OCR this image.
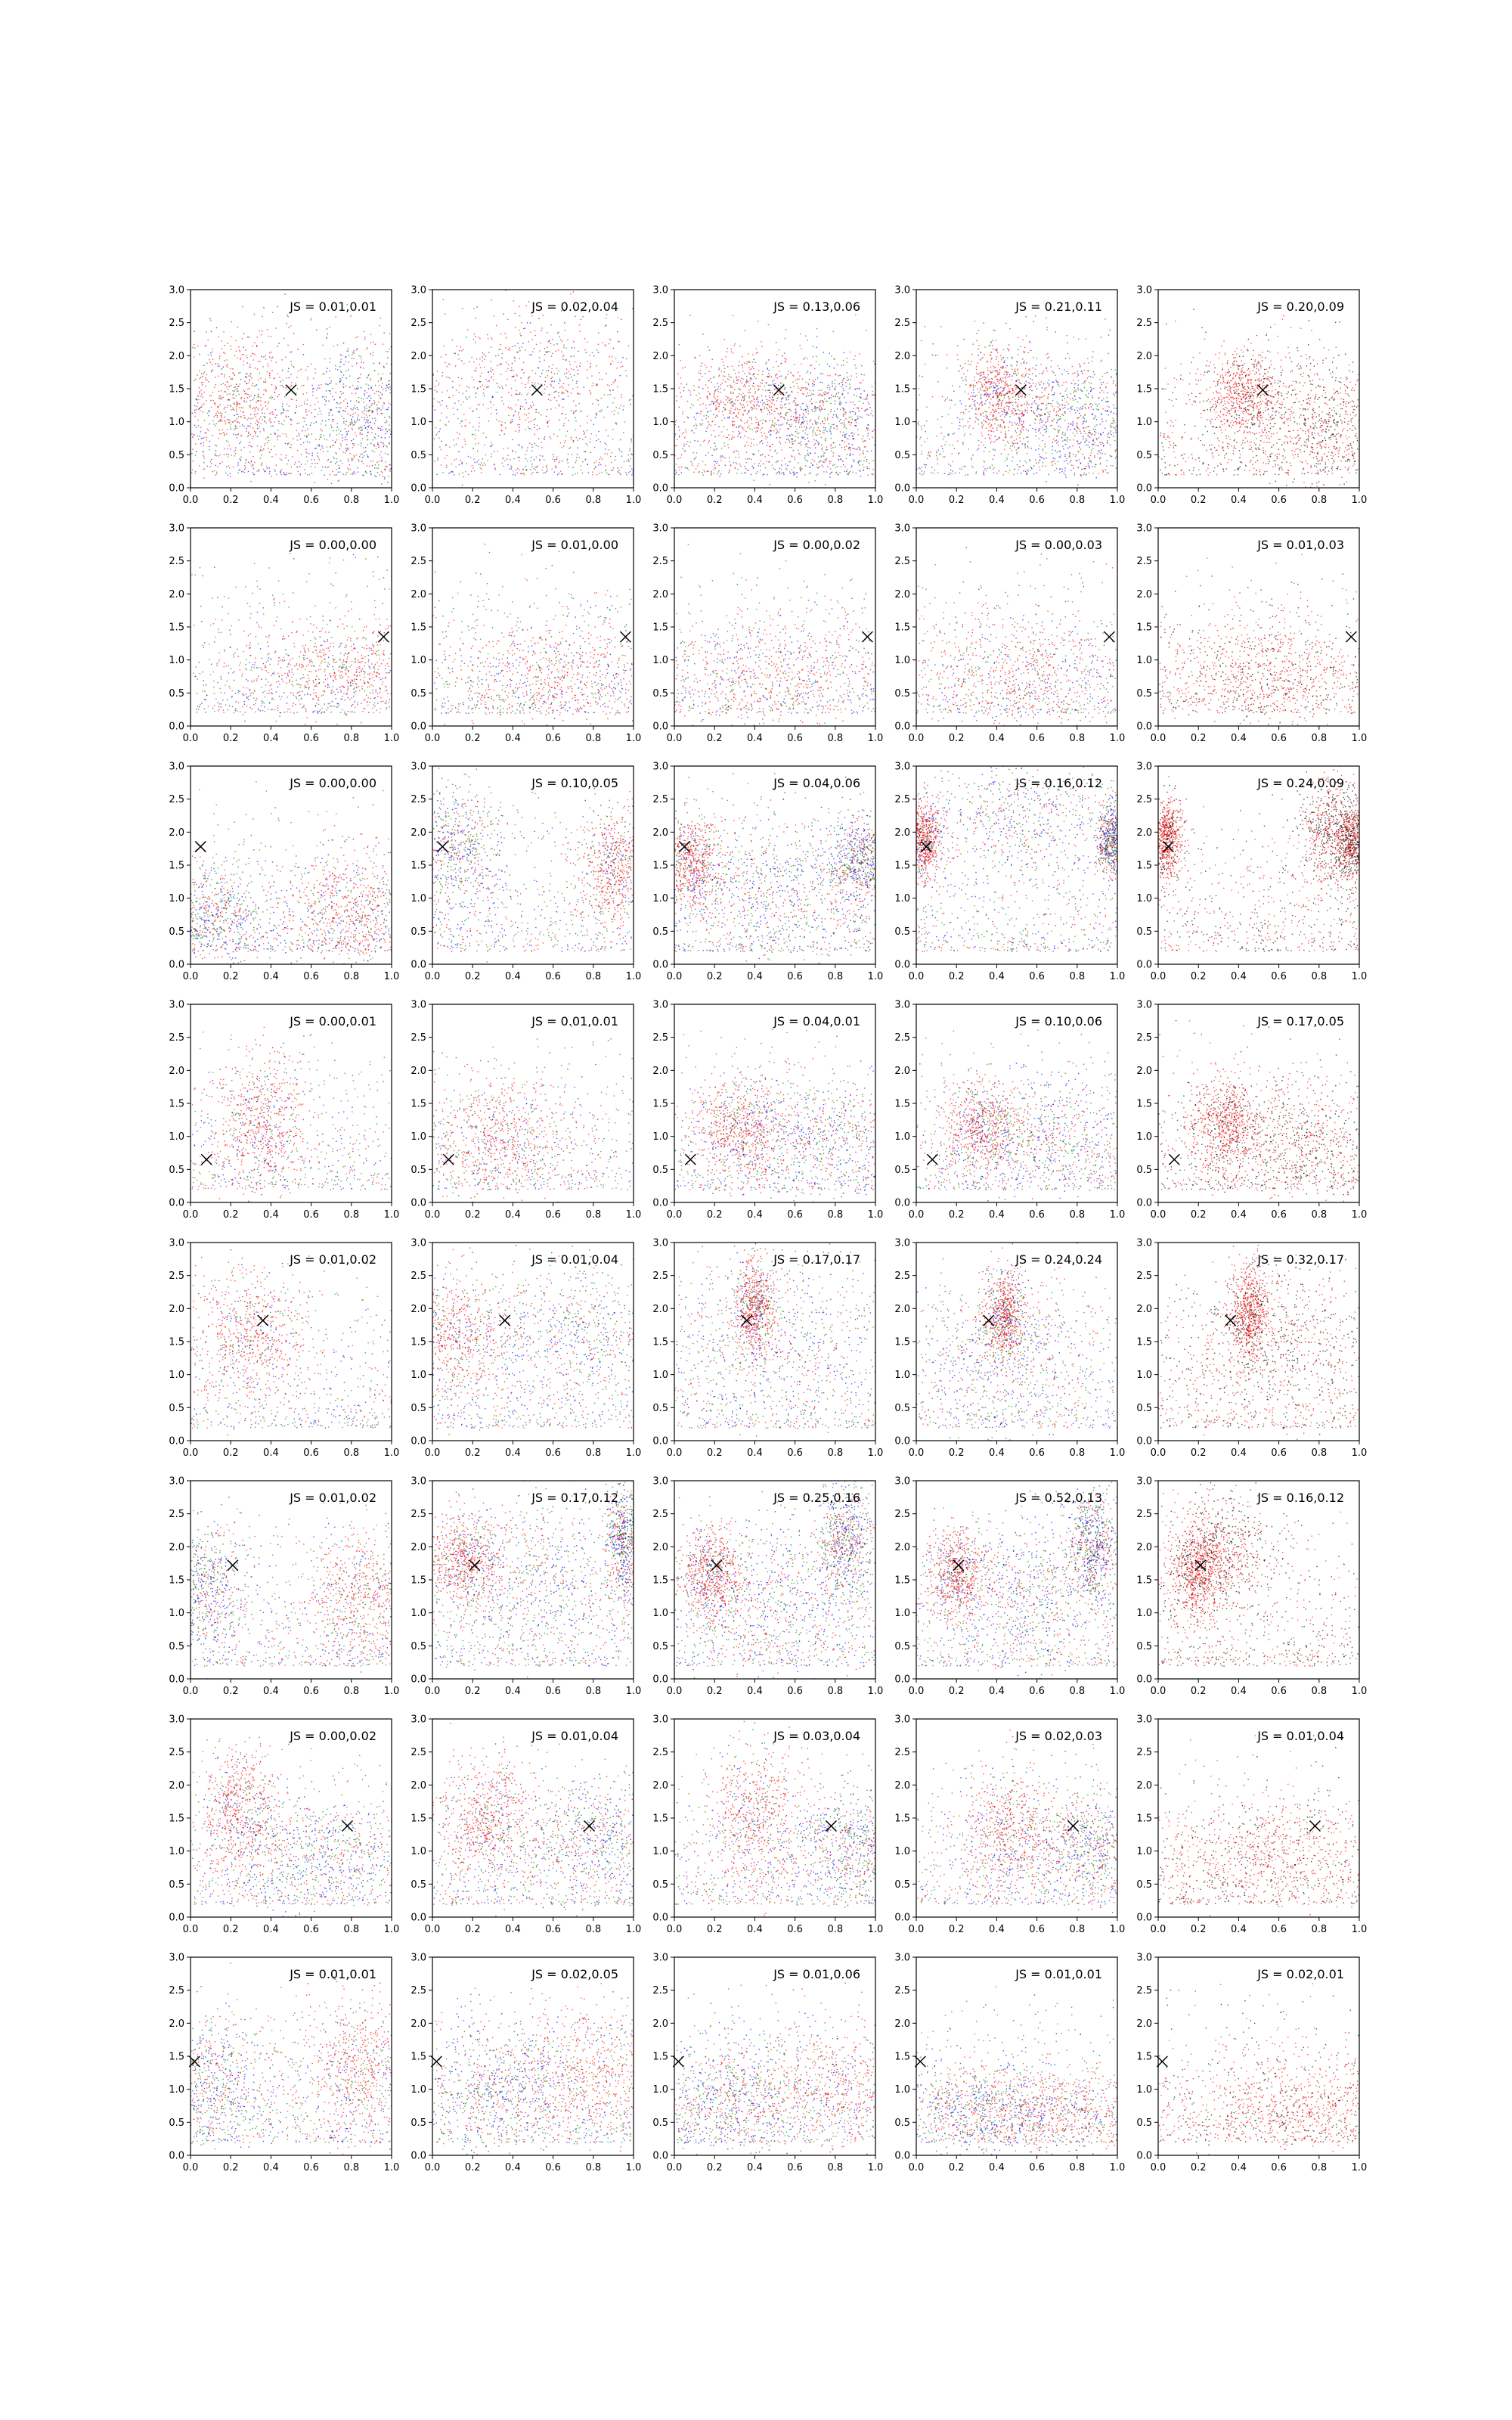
0.0	0.2	0.4	0.6	0.8	1.0
0.0
0.5
1.0
1.5
2.0
2.5
3.0
JS = 0.01,0.01
0.0	0.2	0.4	0.6	0.8	1.0
0.0
0.5
1.0
1.5
2.0
2.5
3.0
JS = 0.02,0.04
0.0	0.2	0.4	0.6	0.8	1.0
0.0
0.5
1.0
1.5
2.0
2.5
3.0
JS = 0.13,0.06
0.0	0.2	0.4	0.6	0.8	1.0
0.0
0.5
1.0
1.5
2.0
2.5
3.0
JS = 0.21,0.11
0.0	0.2	0.4	0.6	0.8	1.0
0.0
0.5
1.0
1.5
2.0
2.5
3.0
JS = 0.20,0.09
0.0	0.2	0.4	0.6	0.8	1.0
0.0
0.5
1.0
1.5
2.0
2.5
3.0
JS = 0.00,0.00
0.0	0.2	0.4	0.6	0.8	1.0
0.0
0.5
1.0
1.5
2.0
2.5
3.0
JS = 0.01,0.00
0.0	0.2	0.4	0.6	0.8	1.0
0.0
0.5
1.0
1.5
2.0
2.5
3.0
JS = 0.00,0.02
0.0	0.2	0.4	0.6	0.8	1.0
0.0
0.5
1.0
1.5
2.0
2.5
3.0
JS = 0.00,0.03
0.0	0.2	0.4	0.6	0.8	1.0
0.0
0.5
1.0
1.5
2.0
2.5
3.0
JS = 0.01,0.03
0.0	0.2	0.4	0.6	0.8	1.0
0.0
0.5
1.0
1.5
2.0
2.5
3.0
JS = 0.00,0.00
0.0	0.2	0.4	0.6	0.8	1.0
0.0
0.5
1.0
1.5
2.0
2.5
3.0
JS = 0.10,0.05
0.0	0.2	0.4	0.6	0.8	1.0
0.0
0.5
1.0
1.5
2.0
2.5
3.0
JS = 0.04,0.06
0.0	0.2	0.4	0.6	0.8	1.0
0.0
0.5
1.0
1.5
2.0
2.5
3.0
JS = 0.16,0.12
0.0	0.2	0.4	0.6	0.8	1.0
0.0
0.5
1.0
1.5
2.0
2.5
3.0
JS = 0.24,0.09
0.0	0.2	0.4	0.6	0.8	1.0
0.0
0.5
1.0
1.5
2.0
2.5
3.0
JS = 0.00,0.01
0.0	0.2	0.4	0.6	0.8	1.0
0.0
0.5
1.0
1.5
2.0
2.5
3.0
JS = 0.01,0.01
0.0	0.2	0.4	0.6	0.8	1.0
0.0
0.5
1.0
1.5
2.0
2.5
3.0
JS = 0.04,0.01
0.0	0.2	0.4	0.6	0.8	1.0
0.0
0.5
1.0
1.5
2.0
2.5
3.0
JS = 0.10,0.06
0.0	0.2	0.4	0.6	0.8	1.0
0.0
0.5
1.0
1.5
2.0
2.5
3.0
JS = 0.17,0.05
0.0	0.2	0.4	0.6	0.8	1.0
0.0
0.5
1.0
1.5
2.0
2.5
3.0
JS = 0.01,0.02
0.0	0.2	0.4	0.6	0.8	1.0
0.0
0.5
1.0
1.5
2.0
2.5
3.0
JS = 0.01,0.04
0.0	0.2	0.4	0.6	0.8	1.0
0.0
0.5
1.0
1.5
2.0
2.5
3.0
JS = 0.17,0.17
0.0	0.2	0.4	0.6	0.8	1.0
0.0
0.5
1.0
1.5
2.0
2.5
3.0
JS = 0.24,0.24
0.0	0.2	0.4	0.6	0.8	1.0
0.0
0.5
1.0
1.5
2.0
2.5
3.0
JS = 0.32,0.17
0.0	0.2	0.4	0.6	0.8	1.0
0.0
0.5
1.0
1.5
2.0
2.5
3.0
JS = 0.01,0.02
0.0	0.2	0.4	0.6	0.8	1.0
0.0
0.5
1.0
1.5
2.0
2.5
3.0
JS = 0.17,0.12
0.0	0.2	0.4	0.6	0.8	1.0
0.0
0.5
1.0
1.5
2.0
2.5
3.0
JS = 0.25,0.16
0.0	0.2	0.4	0.6	0.8	1.0
0.0
0.5
1.0
1.5
2.0
2.5
3.0
JS = 0.52,0.13
0.0	0.2	0.4	0.6	0.8	1.0
0.0
0.5
1.0
1.5
2.0
2.5
3.0
JS = 0.16,0.12
0.0	0.2	0.4	0.6	0.8	1.0
0.0
0.5
1.0
1.5
2.0
2.5
3.0
JS = 0.00,0.02
0.0	0.2	0.4	0.6	0.8	1.0
0.0
0.5
1.0
1.5
2.0
2.5
3.0
JS = 0.01,0.04
0.0	0.2	0.4	0.6	0.8	1.0
0.0
0.5
1.0
1.5
2.0
2.5
3.0
JS = 0.03,0.04
0.0	0.2	0.4	0.6	0.8	1.0
0.0
0.5
1.0
1.5
2.0
2.5
3.0
JS = 0.02,0.03
0.0	0.2	0.4	0.6	0.8	1.0
0.0
0.5
1.0
1.5
2.0
2.5
3.0
JS = 0.01,0.04
0.0	0.2	0.4	0.6	0.8	1.0
0.0
0.5
1.0
1.5
2.0
2.5
3.0
JS = 0.01,0.01
0.0	0.2	0.4	0.6	0.8	1.0
0.0
0.5
1.0
1.5
2.0
2.5
3.0
JS = 0.02,0.05
0.0	0.2	0.4	0.6	0.8	1.0
0.0
0.5
1.0
1.5
2.0
2.5
3.0
JS = 0.01,0.06
0.0	0.2	0.4	0.6	0.8	1.0
0.0
0.5
1.0
1.5
2.0
2.5
3.0
JS = 0.01,0.01
0.0	0.2	0.4	0.6	0.8	1.0
0.0
0.5
1.0
1.5
2.0
2.5
3.0
JS = 0.02,0.01
